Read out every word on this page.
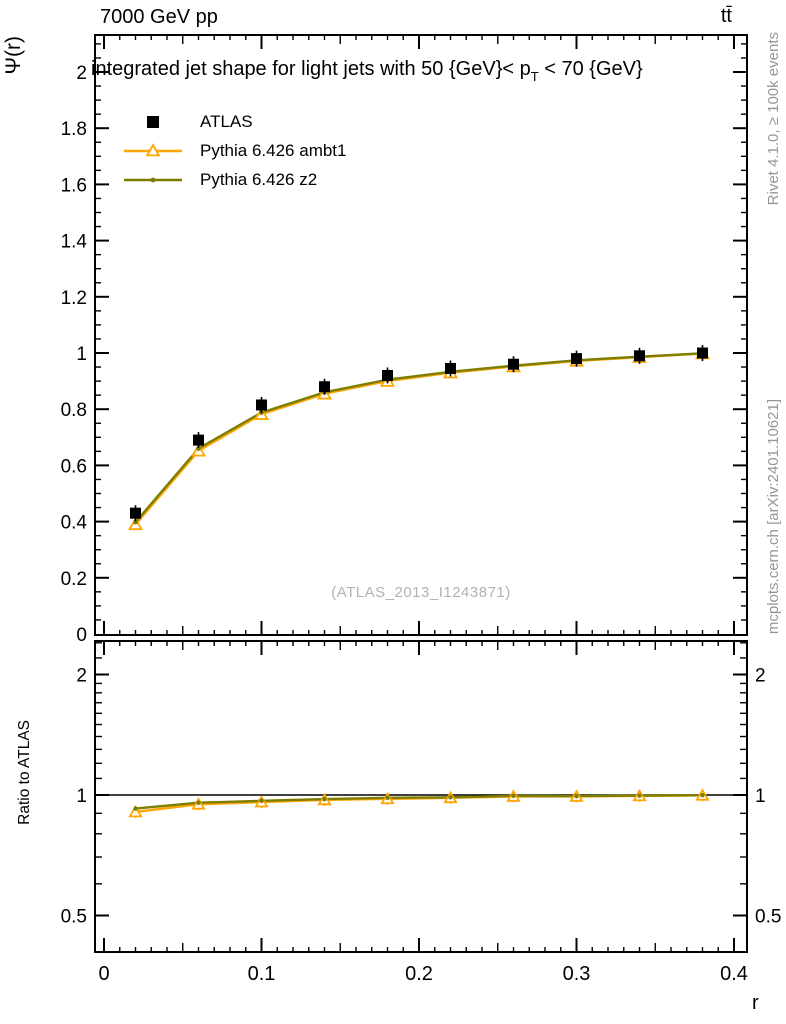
0
0.2
0.4
0.6
0.8
1
1.2
1.4
1.6
1.8
2
0	0.1	0.2	0.3	0.4
0.5	0.5
1	1
2	2
7000 GeV pp	tt̄
integrated jet shape for light jets with 50 $\{GeV\}< p_T < 70$ {GeV}
ATLAS
Pythia 6.426 ambt1
Pythia 6.426 z2
Ψ(r)
Ratio to ATLAS
Rivet 4.1.0, ≥ 100k events
mcplots.cern.ch [arXiv:2401.10621]
(ATLAS_2013_I1243871)
r
